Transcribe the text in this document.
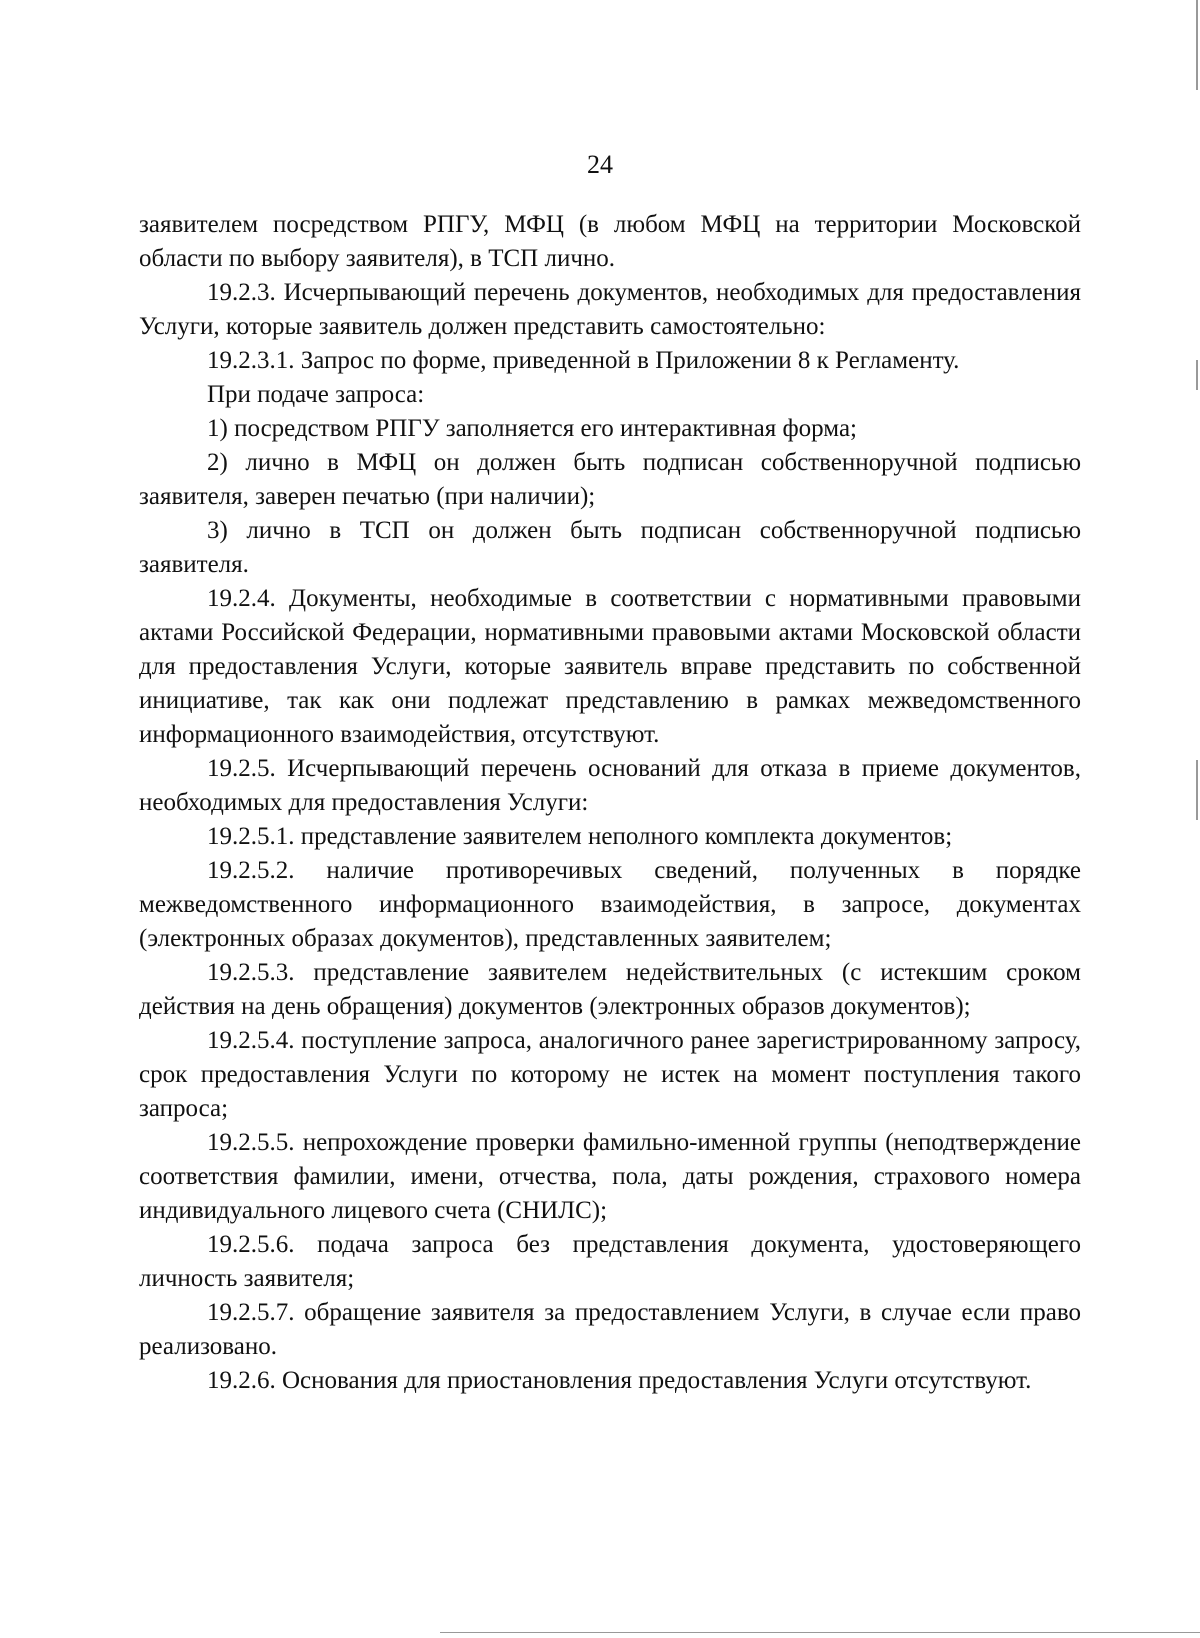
24

заявителем посредством РПГУ, МФЦ (в любом МФЦ на территории Московской области по выбору заявителя), в ТСП лично.

19.2.3. Исчерпывающий перечень документов, необходимых для предоставления Услуги, которые заявитель должен представить самостоятельно:

19.2.3.1. Запрос по форме, приведенной в Приложении 8 к Регламенту.

При подаче запроса:

1) посредством РПГУ заполняется его интерактивная форма;

2) лично в МФЦ он должен быть подписан собственноручной подписью заявителя, заверен печатью (при наличии);

3) лично в ТСП он должен быть подписан собственноручной подписью заявителя.

19.2.4. Документы, необходимые в соответствии с нормативными правовыми актами Российской Федерации, нормативными правовыми актами Московской области для предоставления Услуги, которые заявитель вправе представить по собственной инициативе, так как они подлежат представлению в рамках межведомственного информационного взаимодействия, отсутствуют.

19.2.5. Исчерпывающий перечень оснований для отказа в приеме документов, необходимых для предоставления Услуги:

19.2.5.1. представление заявителем неполного комплекта документов;

19.2.5.2. наличие противоречивых сведений, полученных в порядке межведомственного информационного взаимодействия, в запросе, документах (электронных образах документов), представленных заявителем;

19.2.5.3. представление заявителем недействительных (с истекшим сроком действия на день обращения) документов (электронных образов документов);

19.2.5.4. поступление запроса, аналогичного ранее зарегистрированному запросу, срок предоставления Услуги по которому не истек на момент поступления такого запроса;

19.2.5.5. непрохождение проверки фамильно-именной группы (неподтверждение соответствия фамилии, имени, отчества, пола, даты рождения, страхового номера индивидуального лицевого счета (СНИЛС);

19.2.5.6. подача запроса без представления документа, удостоверяющего личность заявителя;

19.2.5.7. обращение заявителя за предоставлением Услуги, в случае если право реализовано.

19.2.6. Основания для приостановления предоставления Услуги отсутствуют.
